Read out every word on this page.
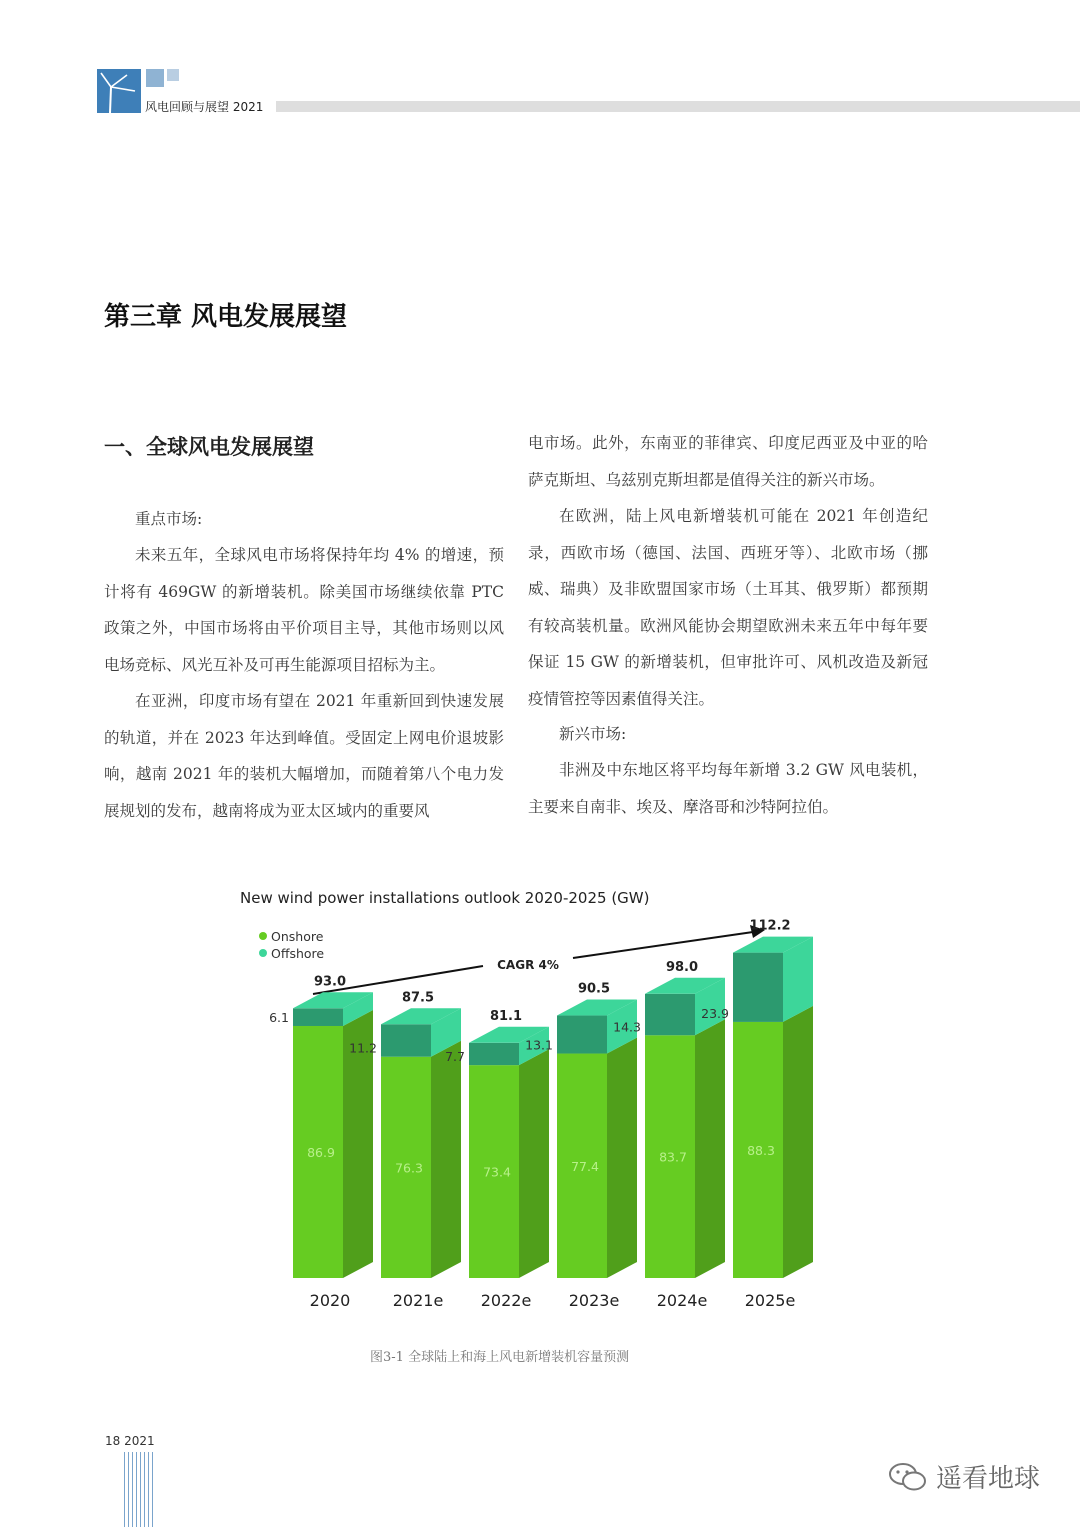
风电回顾与展望 2021
第三章 风电发展展望
一、全球风电发展展望

重点市场:

未来五年，全球风电市场将保持年均 4% 的增速，预计将有 469GW 的新增装机。除美国市场继续依靠 PTC 政策之外，中国市场将由平价项目主导，其他市场则以风电场竞标、风光互补及可再生能源项目招标为主。

在亚洲，印度市场有望在 2021 年重新回到快速发展的轨道，并在 2023 年达到峰值。受固定上网电价退坡影响，越南 2021 年的装机大幅增加，而随着第八个电力发展规划的发布，越南将成为亚太区域内的重要风

电市场。此外，东南亚的菲律宾、印度尼西亚及中亚的哈萨克斯坦、乌兹别克斯坦都是值得关注的新兴市场。

在欧洲，陆上风电新增装机可能在 2021 年创造纪录，西欧市场（德国、法国、西班牙等）、北欧市场（挪威、瑞典）及非欧盟国家市场（土耳其、俄罗斯）都预期有较高装机量。欧洲风能协会期望欧洲未来五年中每年要保证 15 GW 的新增装机，但审批许可、风机改造及新冠疫情管控等因素值得关注。

新兴市场:

非洲及中东地区将平均每年新增 3.2 GW 风电装机，主要来自南非、埃及、摩洛哥和沙特阿拉伯。

New wind power installations outlook 2020-2025 (GW)
Onshore
Offshore
CAGR 4%
86.9
6.1
93.0
2020
76.3
11.2
87.5
2021e
73.4
7.7
81.1
2022e
77.4
13.1
90.5
2023e
83.7
14.3
98.0
2024e
88.3
23.9
112.2
2025e
图3-1 全球陆上和海上风电新增装机容量预测
18 2021
遥看地球
